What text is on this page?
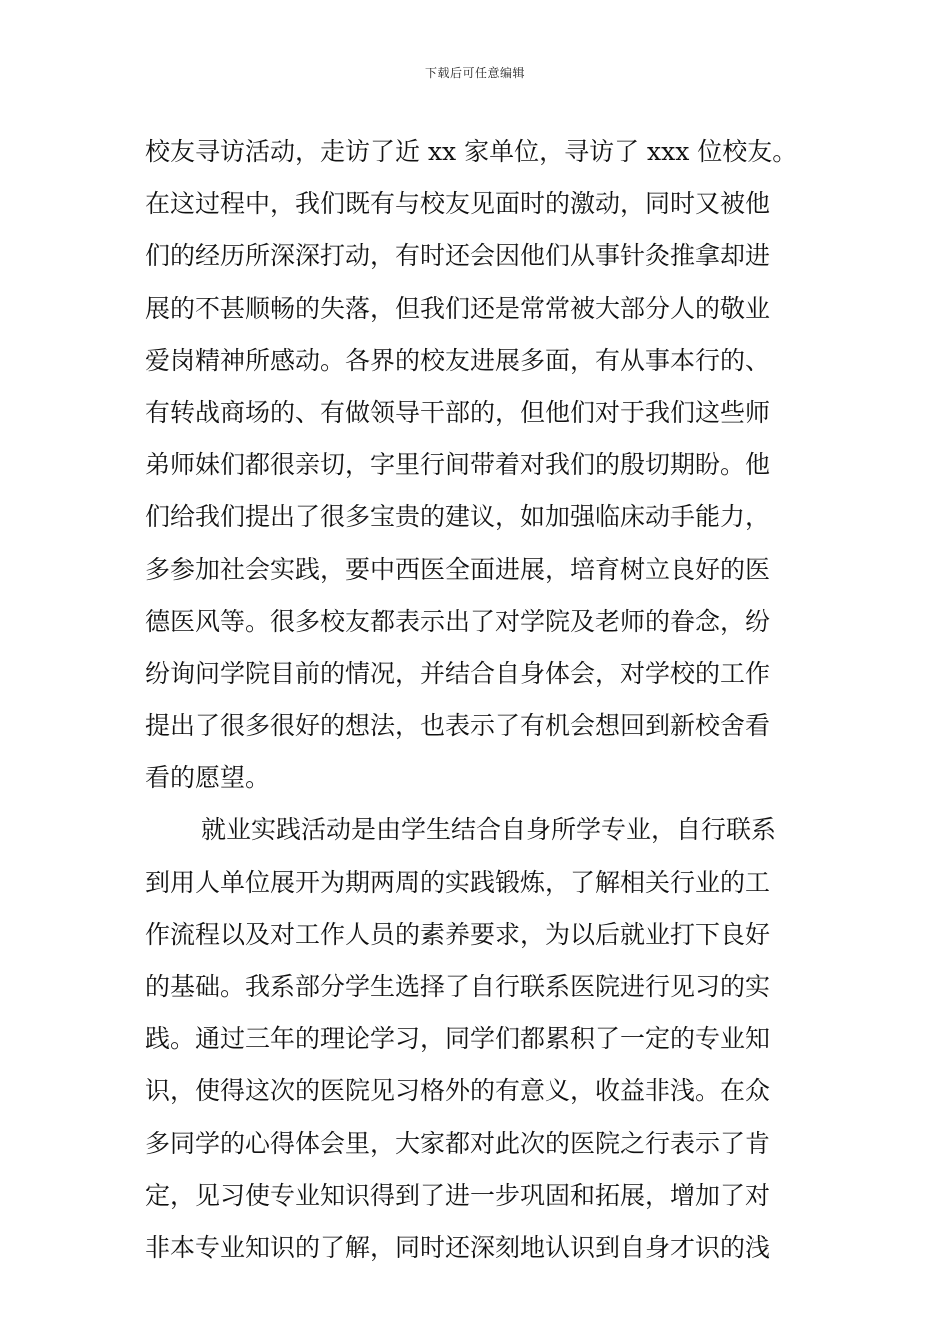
下载后可任意编辑
校友寻访活动，走访了近 xx 家单位，寻访了 xxx 位校友。
在这过程中，我们既有与校友见面时的激动，同时又被他
们的经历所深深打动，有时还会因他们从事针灸推拿却进
展的不甚顺畅的失落，但我们还是常常被大部分人的敬业
爱岗精神所感动。各界的校友进展多面，有从事本行的、
有转战商场的、有做领导干部的，但他们对于我们这些师
弟师妹们都很亲切，字里行间带着对我们的殷切期盼。他
们给我们提出了很多宝贵的建议，如加强临床动手能力，
多参加社会实践，要中西医全面进展，培育树立良好的医
德医风等。很多校友都表示出了对学院及老师的眷念，纷
纷询问学院目前的情况，并结合自身体会，对学校的工作
提出了很多很好的想法，也表示了有机会想回到新校舍看
看的愿望。
就业实践活动是由学生结合自身所学专业，自行联系
到用人单位展开为期两周的实践锻炼，了解相关行业的工
作流程以及对工作人员的素养要求，为以后就业打下良好
的基础。我系部分学生选择了自行联系医院进行见习的实
践。通过三年的理论学习，同学们都累积了一定的专业知
识，使得这次的医院见习格外的有意义，收益非浅。在众
多同学的心得体会里，大家都对此次的医院之行表示了肯
定，见习使专业知识得到了进一步巩固和拓展，增加了对
非本专业知识的了解，同时还深刻地认识到自身才识的浅
